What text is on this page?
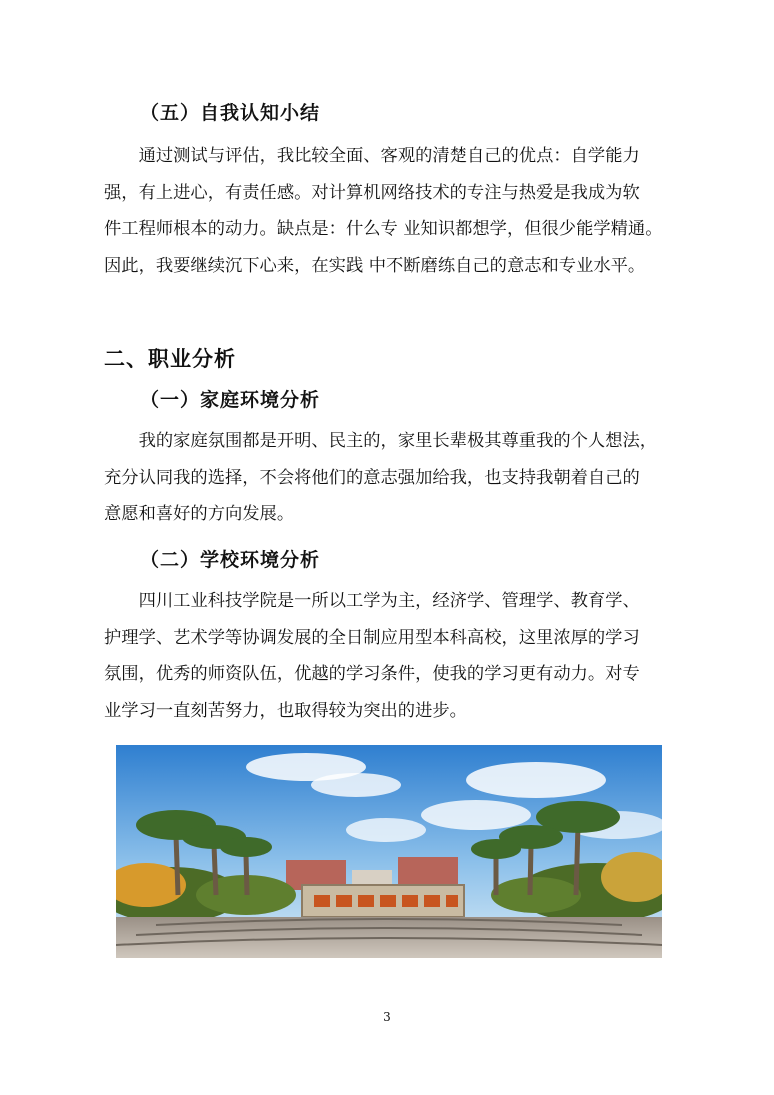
（五）自我认知小结
通过测试与评估，我比较全面、客观的清楚自己的优点：自学能力
强，有上进心，有责任感。对计算机网络技术的专注与热爱是我成为软
件工程师根本的动力。缺点是：什么专 业知识都想学，但很少能学精通。
因此，我要继续沉下心来，在实践 中不断磨练自己的意志和专业水平。
二、职业分析
（一）家庭环境分析
我的家庭氛围都是开明、民主的，家里长辈极其尊重我的个人想法，
充分认同我的选择，不会将他们的意志强加给我，也支持我朝着自己的
意愿和喜好的方向发展。
（二）学校环境分析
四川工业科技学院是一所以工学为主，经济学、管理学、教育学、
护理学、艺术学等协调发展的全日制应用型本科高校，这里浓厚的学习
氛围，优秀的师资队伍，优越的学习条件，使我的学习更有动力。对专
业学习一直刻苦努力，也取得较为突出的进步。
3
